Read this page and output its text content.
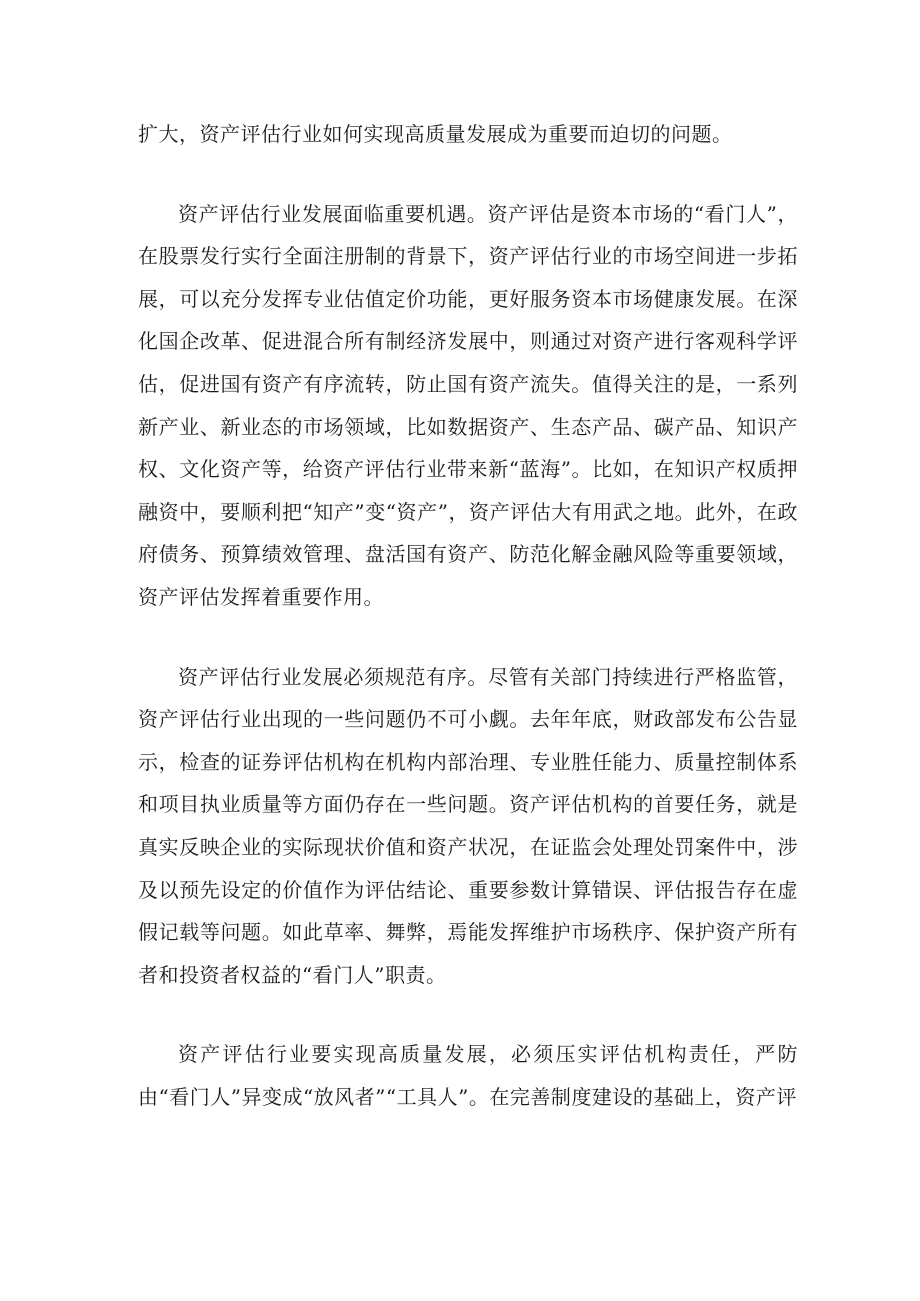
扩大，资产评估行业如何实现高质量发展成为重要而迫切的问题。

资产评估行业发展面临重要机遇。资产评估是资本市场的“看门人”，在股票发行实行全面注册制的背景下，资产评估行业的市场空间进一步拓展，可以充分发挥专业估值定价功能，更好服务资本市场健康发展。在深化国企改革、促进混合所有制经济发展中，则通过对资产进行客观科学评估，促进国有资产有序流转，防止国有资产流失。值得关注的是，一系列新产业、新业态的市场领域，比如数据资产、生态产品、碳产品、知识产权、文化资产等，给资产评估行业带来新“蓝海”。比如，在知识产权质押融资中，要顺利把“知产”变“资产”，资产评估大有用武之地。此外，在政府债务、预算绩效管理、盘活国有资产、防范化解金融风险等重要领域，资产评估发挥着重要作用。

资产评估行业发展必须规范有序。尽管有关部门持续进行严格监管，资产评估行业出现的一些问题仍不可小觑。去年年底，财政部发布公告显示，检查的证券评估机构在机构内部治理、专业胜任能力、质量控制体系和项目执业质量等方面仍存在一些问题。资产评估机构的首要任务，就是真实反映企业的实际现状价值和资产状况，在证监会处理处罚案件中，涉及以预先设定的价值作为评估结论、重要参数计算错误、评估报告存在虚假记载等问题。如此草率、舞弊，焉能发挥维护市场秩序、保护资产所有者和投资者权益的“看门人”职责。

资产评估行业要实现高质量发展，必须压实评估机构责任，严防由“看门人”异变成“放风者”“工具人”。在完善制度建设的基础上，资产评
